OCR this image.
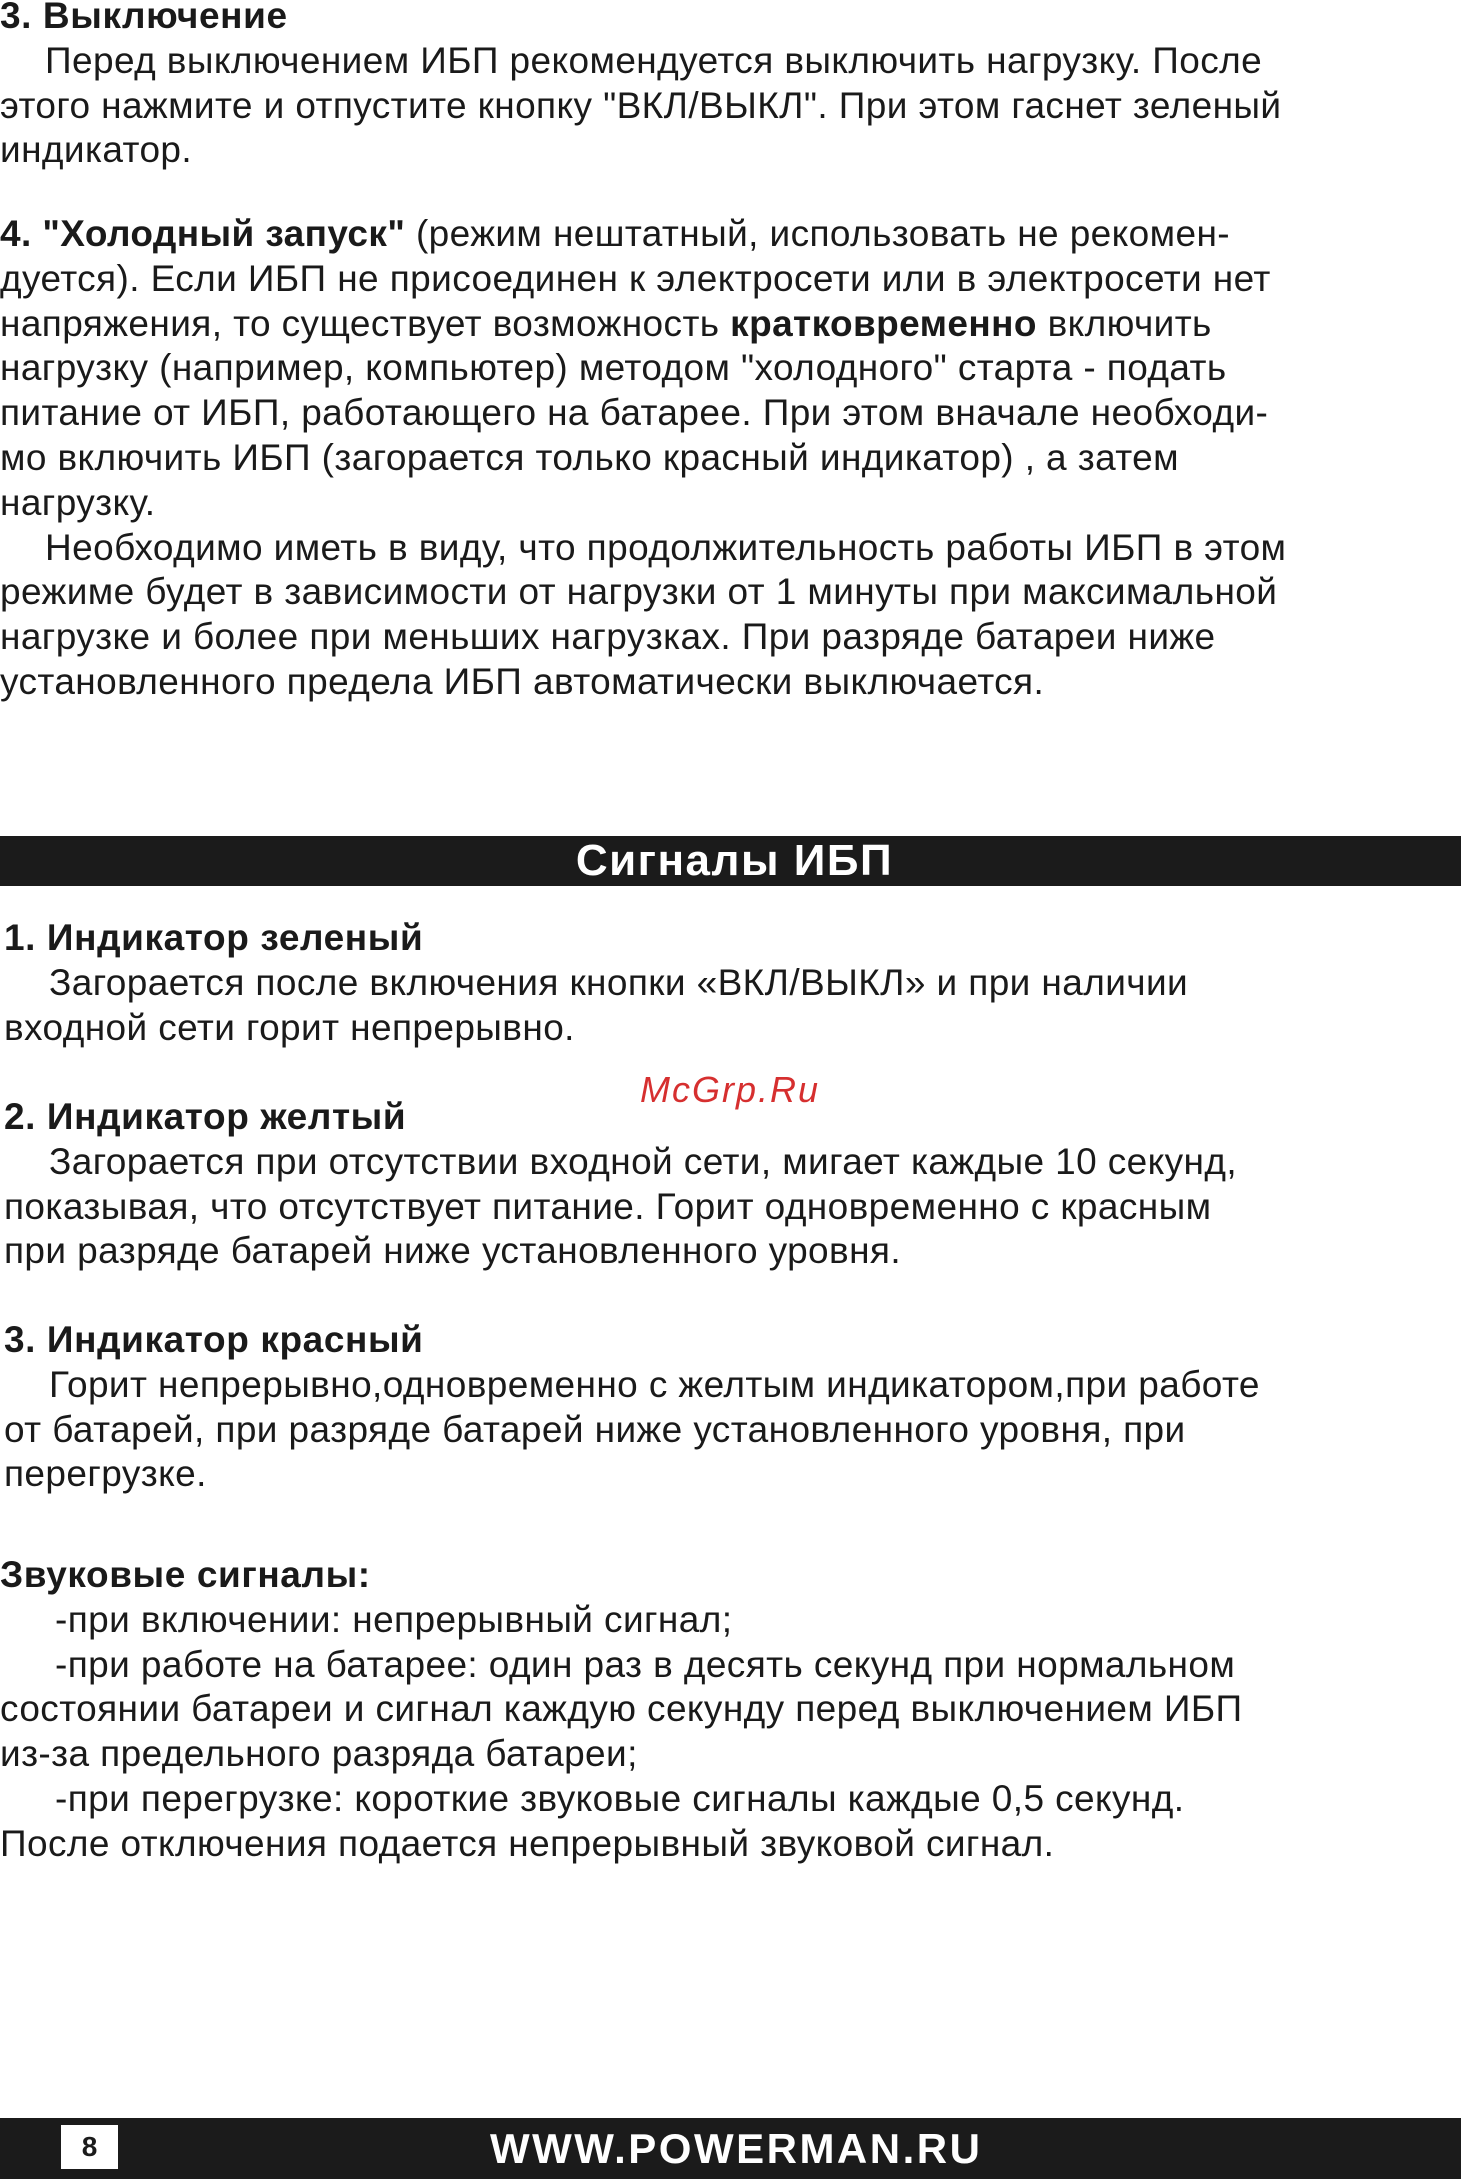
3. Выключение
Перед выключением ИБП рекомендуется выключить нагрузку. После
этого нажмите и отпустите кнопку "ВКЛ/ВЫКЛ". При этом гаснет зеленый
индикатор.
4. "Холодный запуск" (режим нештатный, использовать не рекомен-
дуется). Если ИБП не присоединен к электросети или в электросети нет
напряжения, то существует возможность кратковременно включить
нагрузку (например, компьютер) методом "холодного" старта - подать
питание от ИБП, работающего на батарее. При этом вначале необходи-
мо включить ИБП (загорается только красный индикатор) , а затем
нагрузку.
Необходимо иметь в виду, что продолжительность работы ИБП в этом
режиме будет в зависимости от нагрузки от 1 минуты при максимальной
нагрузке и более при меньших нагрузках. При разряде батареи ниже
установленного предела ИБП автоматически выключается.
Сигналы ИБП
1. Индикатор зеленый
Загорается после включения кнопки «ВКЛ/ВЫКЛ» и при наличии
входной сети горит непрерывно.
McGrp.Ru
2. Индикатор желтый
Загорается при отсутствии входной сети, мигает каждые 10 секунд,
показывая, что отсутствует питание. Горит одновременно с красным
при разряде батарей ниже установленного уровня.
3. Индикатор красный
Горит непрерывно,одновременно с желтым индикатором,при работе
от батарей, при разряде батарей ниже установленного уровня, при
перегрузке.
Звуковые сигналы:
-при включении: непрерывный сигнал;
-при работе на батарее: один раз в десять секунд при нормальном
состоянии батареи и сигнал каждую секунду перед выключением ИБП
из-за предельного разряда батареи;
-при перегрузке: короткие звуковые сигналы каждые 0,5 секунд.
После отключения подается непрерывный звуковой сигнал.
8	WWW.POWERMAN.RU
